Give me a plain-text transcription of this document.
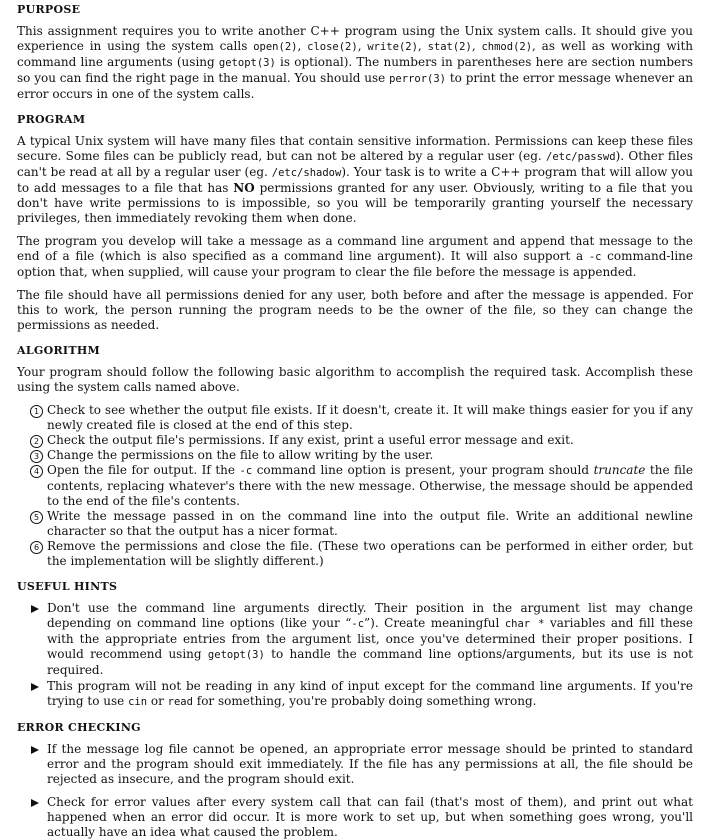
PURPOSE

This assignment requires you to write another C++ program using the Unix system calls. It should give you experience in using the system calls open(2), close(2), write(2), stat(2), chmod(2), as well as working with command line arguments (using getopt(3) is optional). The numbers in parentheses here are section numbers so you can find the right page in the manual. You should use perror(3) to print the error message whenever an error occurs in one of the system calls.

PROGRAM

A typical Unix system will have many files that contain sensitive information. Permissions can keep these files secure. Some files can be publicly read, but can not be altered by a regular user (eg. /etc/passwd). Other files can't be read at all by a regular user (eg. /etc/shadow). Your task is to write a C++ program that will allow you to add messages to a file that has NO permissions granted for any user. Obviously, writing to a file that you don't have write permissions to is impossible, so you will be temporarily granting yourself the necessary privileges, then immediately revoking them when done.

The program you develop will take a message as a command line argument and append that message to the end of a file (which is also specified as a command line argument). It will also support a -c command-line option that, when supplied, will cause your program to clear the file before the message is appended.

The file should have all permissions denied for any user, both before and after the message is appended. For this to work, the person running the program needs to be the owner of the file, so they can change the permissions as needed.

ALGORITHM

Your program should follow the following basic algorithm to accomplish the required task. Accomplish these using the system calls named above.

1 Check to see whether the output file exists. If it doesn't, create it. It will make things easier for you if any newly created file is closed at the end of this step.
2 Check the output file's permissions. If any exist, print a useful error message and exit.
3 Change the permissions on the file to allow writing by the user.
4 Open the file for output. If the -c command line option is present, your program should truncate the file contents, replacing whatever's there with the new message. Otherwise, the message should be appended to the end of the file's contents.
5 Write the message passed in on the command line into the output file. Write an additional newline character so that the output has a nicer format.
6 Remove the permissions and close the file. (These two operations can be performed in either order, but the implementation will be slightly different.)
USEFUL HINTS
Don't use the command line arguments directly. Their position in the argument list may change depending on command line options (like your “-c”). Create meaningful char * variables and fill these with the appropriate entries from the argument list, once you've determined their proper positions. I would recommend using getopt(3) to handle the command line options/arguments, but its use is not required.
This program will not be reading in any kind of input except for the command line arguments. If you're trying to use cin or read for something, you're probably doing something wrong.
ERROR CHECKING
If the message log file cannot be opened, an appropriate error message should be printed to standard error and the program should exit immediately. If the file has any permissions at all, the file should be rejected as insecure, and the program should exit.
Check for error values after every system call that can fail (that's most of them), and print out what happened when an error did occur. It is more work to set up, but when something goes wrong, you'll actually have an idea what caused the problem.
